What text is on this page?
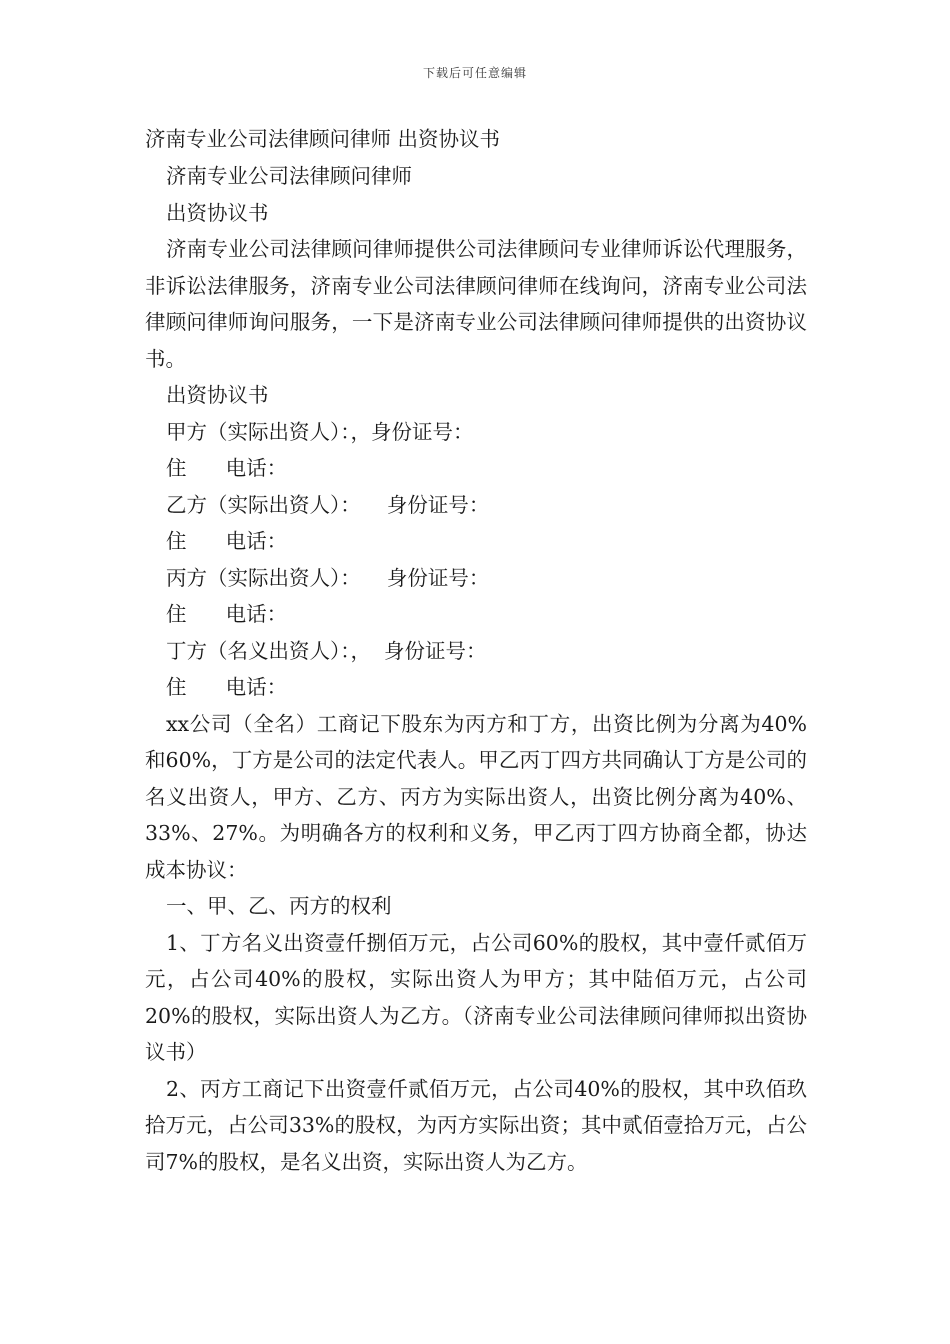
下载后可任意编辑

济南专业公司法律顾问律师 出资协议书

济南专业公司法律顾问律师

出资协议书

济南专业公司法律顾问律师提供公司法律顾问专业律师诉讼代理服务，非诉讼法律服务，济南专业公司法律顾问律师在线询问，济南专业公司法律顾问律师询问服务，一下是济南专业公司法律顾问律师提供的出资协议书。

出资协议书

甲方（实际出资人）：，身份证号：

住      电话：

乙方（实际出资人）：    身份证号：

住      电话：

丙方（实际出资人）：    身份证号：

住      电话：

丁方（名义出资人）：，  身份证号：

住      电话：

xx公司（全名）工商记下股东为丙方和丁方，出资比例为分离为40%和60%，丁方是公司的法定代表人。甲乙丙丁四方共同确认丁方是公司的名义出资人，甲方、乙方、丙方为实际出资人，出资比例分离为40%、33%、27%。为明确各方的权利和义务，甲乙丙丁四方协商全都，协达成本协议：

一、甲、乙、丙方的权利

1、丁方名义出资壹仟捌佰万元，占公司60%的股权，其中壹仟贰佰万元，占公司40%的股权，实际出资人为甲方；其中陆佰万元，占公司20%的股权，实际出资人为乙方。（济南专业公司法律顾问律师拟出资协议书）

2、丙方工商记下出资壹仟贰佰万元，占公司40%的股权，其中玖佰玖拾万元，占公司33%的股权，为丙方实际出资；其中贰佰壹拾万元，占公司7%的股权，是名义出资，实际出资人为乙方。
